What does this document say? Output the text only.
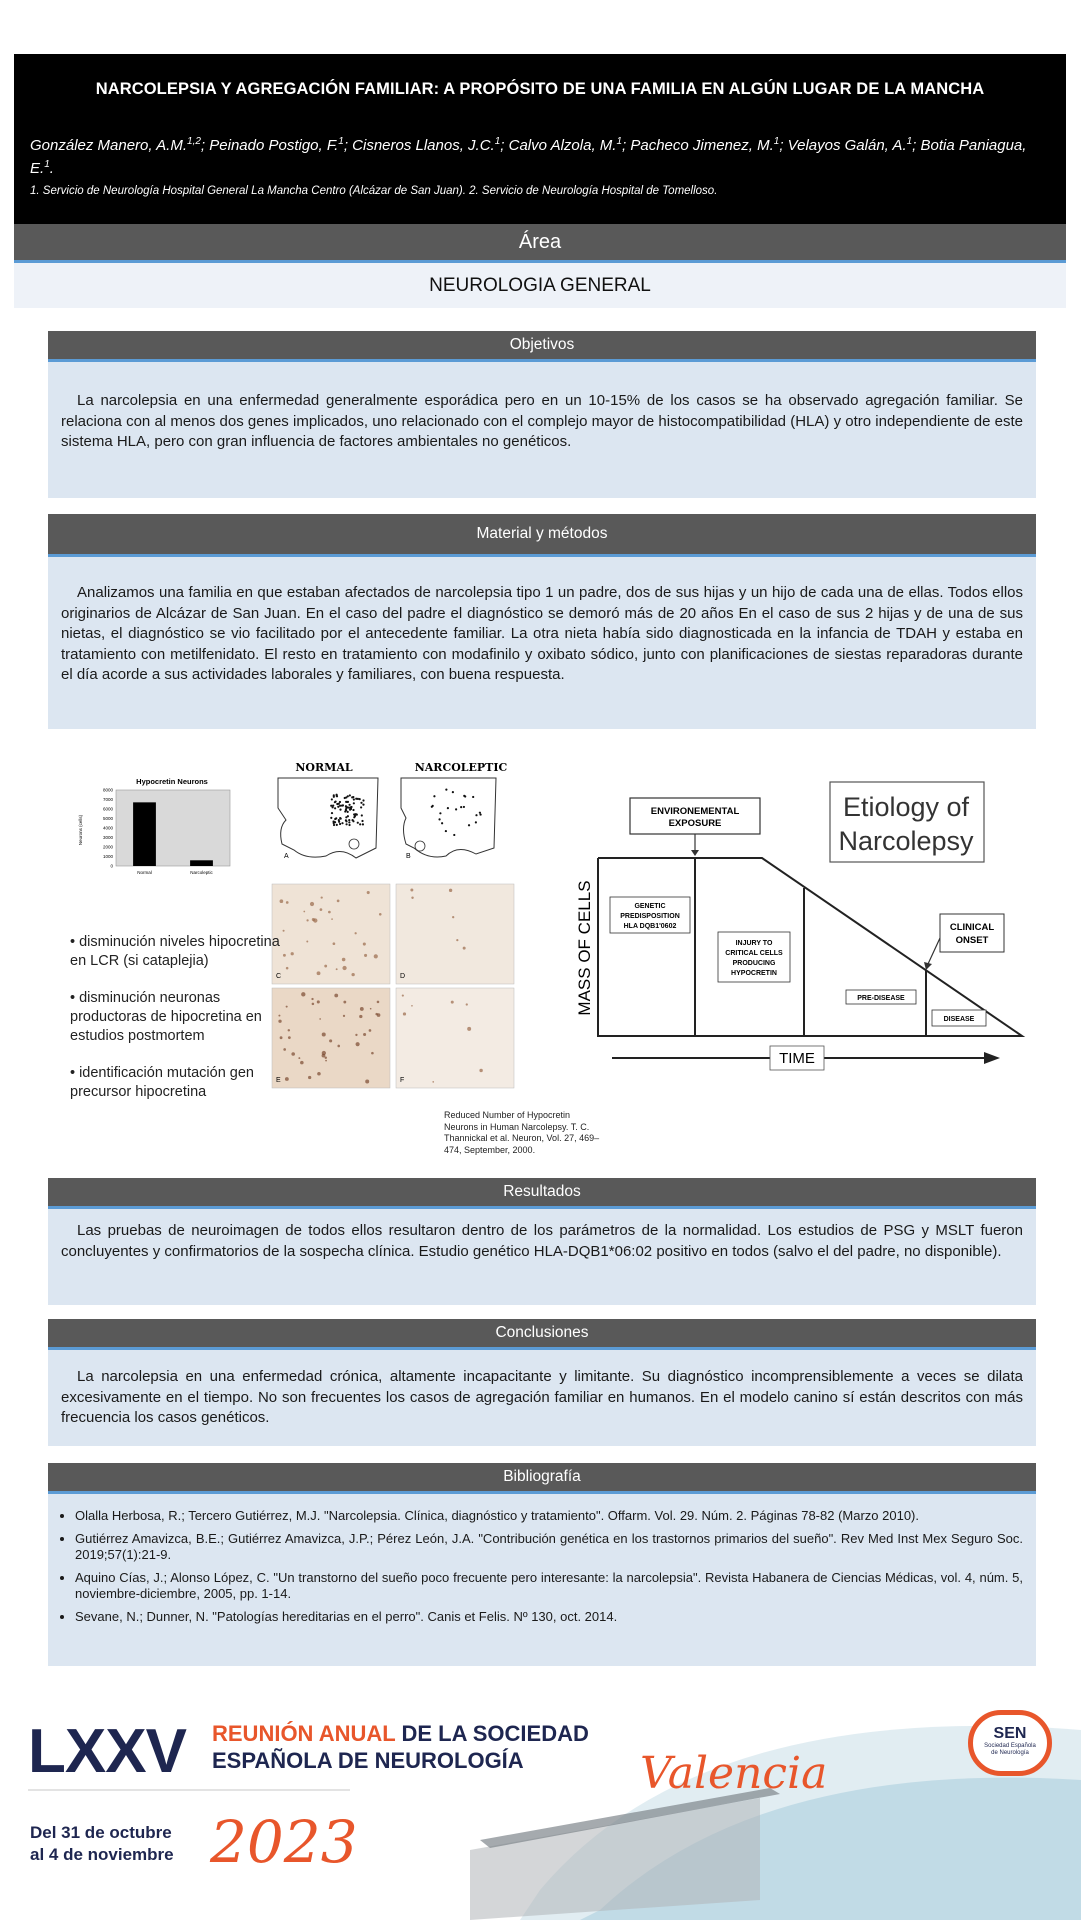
NARCOLEPSIA Y AGREGACIÓN FAMILIAR: A PROPÓSITO DE UNA FAMILIA EN ALGÚN LUGAR DE LA MANCHA
González Manero, A.M.$^{1,2}$; Peinado Postigo, F.$^1$; Cisneros Llanos, J.C.$^1$; Calvo Alzola, M.$^1$; Pacheco Jimenez, M.$^1$; Velayos Galán, A.$^1$; Botia Paniagua, E.$^1$.
1. Servicio de Neurología Hospital General La Mancha Centro (Alcázar de San Juan). 2. Servicio de Neurología Hospital de Tomelloso.
Área
NEUROLOGIA GENERAL
Objetivos

La narcolepsia en una enfermedad generalmente esporádica pero en un 10-15% de los casos se ha observado agregación familiar. Se relaciona con al menos dos genes implicados, uno relacionado con el complejo mayor de histocompatibilidad (HLA) y otro independiente de este sistema HLA, pero con gran influencia de factores ambientales no genéticos.

Material y métodos

Analizamos una familia en que estaban afectados de narcolepsia tipo 1 un padre, dos de sus hijas y un hijo de cada una de ellas. Todos ellos originarios de Alcázar de San Juan. En el caso del padre el diagnóstico se demoró más de 20 años En el caso de sus 2 hijas y de una de sus nietas, el diagnóstico se vio facilitado por el antecedente familiar. La otra nieta había sido diagnosticada en la infancia de TDAH y estaba en tratamiento con metilfenidato. El resto en tratamiento con modafinilo y oxibato sódico, junto con planificaciones de siestas reparadoras durante el día acorde a sus actividades laborales y familiares, con buena respuesta.

Hypocretin Neurons
8000
7000
6000
5000
4000
3000
2000
1000
0
Neurons (cells)
Normal	Narcoleptic
NORMAL	NARCOLEPTIC
A	B
C	D
E	F
Etiology of
Narcolepsy
ENVIRONEMENTAL
EXPOSURE
GENETIC
PREDISPOSITION
HLA DQB1'0602
INJURY TO
CRITICAL CELLS
PRODUCING
HYPOCRETIN
PRE-DISEASE
DISEASE
CLINICAL
ONSET
MASS OF CELLS
TIME
• disminución niveles hipocretina en LCR (si cataplejia)
• disminución neuronas productoras de hipocretina en estudios postmortem
• identificación mutación gen precursor hipocretina
Reduced Number of Hypocretin Neurons in Human Narcolepsy. T. C. Thannickal et al. Neuron, Vol. 27, 469–474, September, 2000.
Resultados

Las pruebas de neuroimagen de todos ellos resultaron dentro de los parámetros de la normalidad. Los estudios de PSG y MSLT fueron concluyentes y confirmatorios de la sospecha clínica. Estudio genético HLA-DQB1*06:02 positivo en todos (salvo el del padre, no disponible).

Conclusiones

La narcolepsia en una enfermedad crónica, altamente incapacitante y limitante. Su diagnóstico incomprensiblemente a veces se dilata excesivamente en el tiempo. No son frecuentes los casos de agregación familiar en humanos. En el modelo canino sí están descritos con más frecuencia los casos genéticos.

Bibliografía
• Olalla Herbosa, R.; Tercero Gutiérrez, M.J. "Narcolepsia. Clínica, diagnóstico y tratamiento". Offarm. Vol. 29. Núm. 2. Páginas 78-82 (Marzo 2010).
• Gutiérrez Amavizca, B.E.; Gutiérrez Amavizca, J.P.; Pérez León, J.A. "Contribución genética en los trastornos primarios del sueño". Rev Med Inst Mex Seguro Soc. 2019;57(1):21-9.
• Aquino Cías, J.; Alonso López, C. "Un transtorno del sueño poco frecuente pero interesante: la narcolepsia". Revista Habanera de Ciencias Médicas, vol. 4, núm. 5, noviembre-diciembre, 2005, pp. 1-14.
• Sevane, N.; Dunner, N. "Patologías hereditarias en el perro". Canis et Felis. Nº 130, oct. 2014.
LXXV REUNIÓN ANUAL DE LA SOCIEDAD
ESPAÑOLA DE NEUROLOGÍA
Del 31 de octubre
al 4 de noviembre 2023
Valencia
SEN
Sociedad Española
de Neurología
